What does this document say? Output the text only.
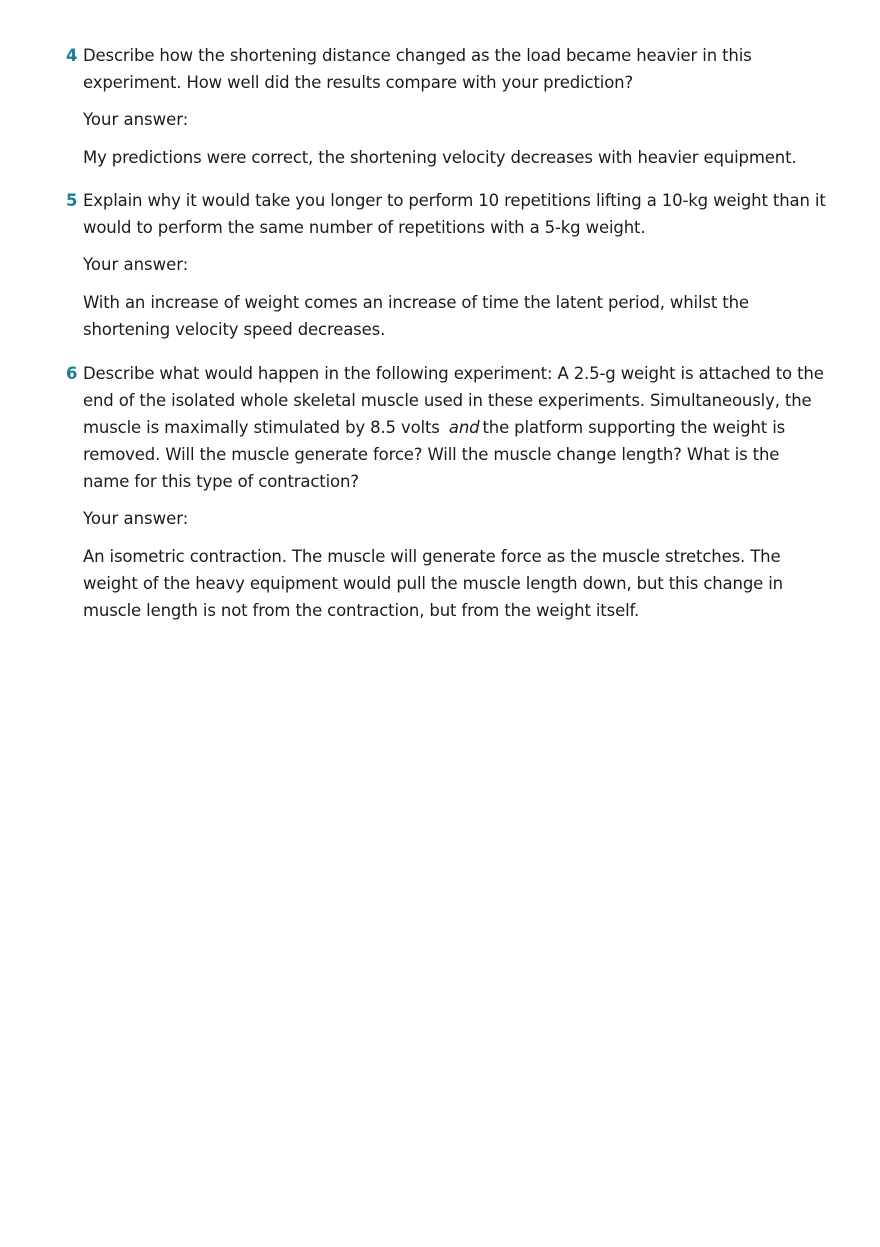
4 Describe how the shortening distance changed as the load became heavier in this experiment. How well did the results compare with your prediction?
Your answer:
My predictions were correct, the shortening velocity decreases with heavier equipment.
5 Explain why it would take you longer to perform 10 repetitions lifting a 10-kg weight than it would to perform the same number of repetitions with a 5-kg weight.
Your answer:
With an increase of weight comes an increase of time the latent period, whilst the shortening velocity speed decreases.
6 Describe what would happen in the following experiment: A 2.5-g weight is attached to the end of the isolated whole skeletal muscle used in these experiments. Simultaneously, the muscle is maximally stimulated by 8.5 volts and the platform supporting the weight is removed. Will the muscle generate force? Will the muscle change length? What is the name for this type of contraction?
Your answer:
An isometric contraction. The muscle will generate force as the muscle stretches. The weight of the heavy equipment would pull the muscle length down, but this change in muscle length is not from the contraction, but from the weight itself.
